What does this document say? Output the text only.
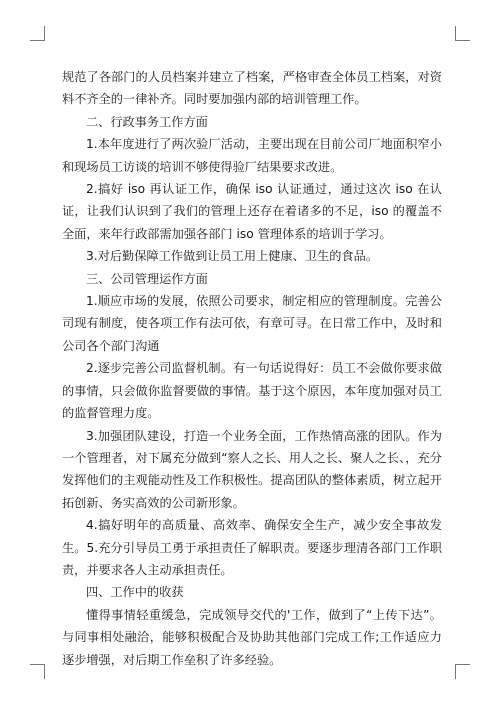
规范了各部门的人员档案并建立了档案，严格审查全体员工档案，对资料不齐全的一律补齐。同时要加强内部的培训管理工作。

二、行政事务工作方面

1.本年度进行了两次验厂活动，主要出现在目前公司厂地面积窄小和现场员工访谈的培训不够使得验厂结果要求改进。

2.搞好 iso 再认证工作，确保 iso 认证通过，通过这次 iso 在认证，让我们认识到了我们的管理上还存在着诸多的不足，iso 的覆盖不全面，来年行政部需加强各部门 iso 管理体系的培训于学习。

3.对后勤保障工作做到让员工用上健康、卫生的食品。

三、公司管理运作方面

1.顺应市场的发展，依照公司要求，制定相应的管理制度。完善公司现有制度，使各项工作有法可依，有章可寻。在日常工作中，及时和公司各个部门沟通

2.逐步完善公司监督机制。有一句话说得好：员工不会做你要求做的事情，只会做你监督要做的事情。基于这个原因，本年度加强对员工的监督管理力度。

3.加强团队建设，打造一个业务全面，工作热情高涨的团队。作为一个管理者，对下属充分做到“察人之长、用人之长、聚人之长、，充分发挥他们的主观能动性及工作积极性。提高团队的整体素质，树立起开拓创新、务实高效的公司新形象。

4.搞好明年的高质量、高效率、确保安全生产，减少安全事故发生。5.充分引导员工勇于承担责任了解职责。要逐步理清各部门工作职责，并要求各人主动承担责任。

四、工作中的收获

懂得事情轻重缓急，完成领导交代的'工作，做到了“上传下达”。与同事相处融洽，能够积极配合及协助其他部门完成工作;工作适应力逐步增强，对后期工作垒积了许多经验。
